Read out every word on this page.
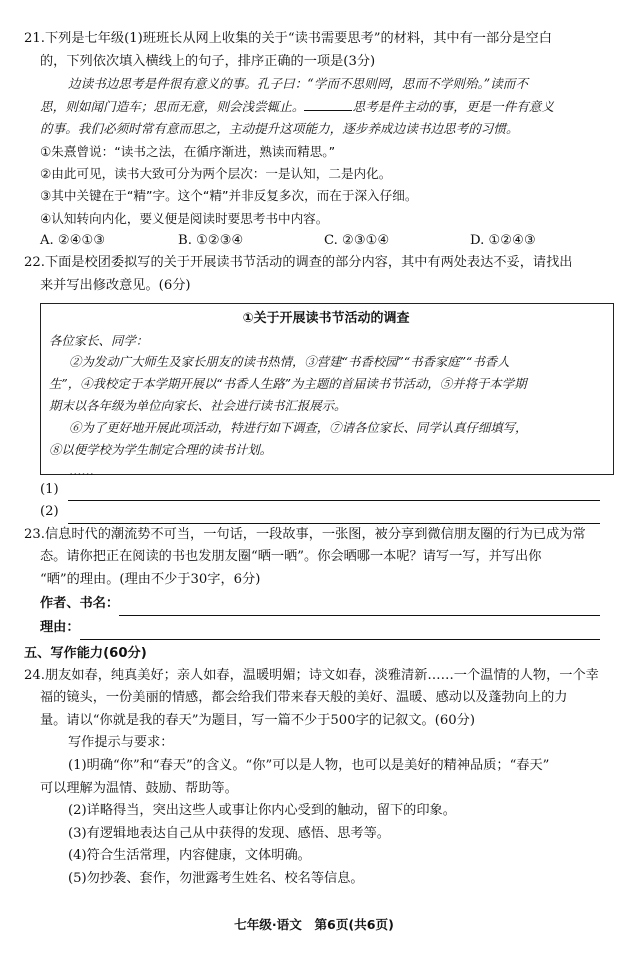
21.下列是七年级(1)班班长从网上收集的关于“读书需要思考”的材料，其中有一部分是空白

的，下列依次填入横线上的句子，排序正确的一项是(3分)

边读书边思考是件很有意义的事。孔子曰：“学而不思则罔，思而不学则殆。”读而不

思，则如闻门造车；思而无意，则会浅尝辄止。	思考是件主动的事，更是一件有意义

的事。我们必须时常有意而思之，主动提升这项能力，逐步养成边读书边思考的习惯。

①朱熹曾说：“读书之法，在循序渐进，熟读而精思。”

②由此可见，读书大致可分为两个层次：一是认知，二是内化。

③其中关键在于“精”字。这个“精”并非反复多次，而在于深入仔细。

④认知转向内化，要义便是阅读时要思考书中内容。

A. ②④①③	B. ①②③④	C. ②③①④	D. ①②④③

22.下面是校团委拟写的关于开展读书节活动的调查的部分内容，其中有两处表达不妥，请找出

来并写出修改意见。(6分)

①关于开展读书节活动的调查
各位家长、同学：
②为发动广大师生及家长朋友的读书热情，③营建“书香校园”“书香家庭”“书香人
生”，④我校定于本学期开展以“书香人生路”为主题的首届读书节活动，⑤并将于本学期
期末以各年级为单位向家长、社会进行读书汇报展示。
⑥为了更好地开展此项活动，特进行如下调查，⑦请各位家长、同学认真仔细填写，
⑧以便学校为学生制定合理的读书计划。
……
(1)
(2)

23.信息时代的潮流势不可当，一句话，一段故事，一张图，被分享到微信朋友圈的行为已成为常

态。请你把正在阅读的书也发朋友圈“晒一晒”。你会晒哪一本呢？请写一写，并写出你

“晒”的理由。(理由不少于30字，6分)

作者、书名：
理由：
五、写作能力(60分)

24.朋友如春，纯真美好；亲人如春，温暖明媚；诗文如春，淡雅清新……一个温情的人物，一个幸

福的镜头，一份美丽的情感，都会给我们带来春天般的美好、温暖、感动以及蓬勃向上的力

量。请以“你就是我的春天”为题目，写一篇不少于500字的记叙文。(60分)

写作提示与要求：

(1)明确“你”和“春天”的含义。“你”可以是人物，也可以是美好的精神品质；“春天”

可以理解为温情、鼓励、帮助等。

(2)详略得当，突出这些人或事让你内心受到的触动，留下的印象。

(3)有逻辑地表达自己从中获得的发现、感悟、思考等。

(4)符合生活常理，内容健康，文体明确。

(5)勿抄袭、套作，勿泄露考生姓名、校名等信息。

七年级·语文　第6页(共6页)
